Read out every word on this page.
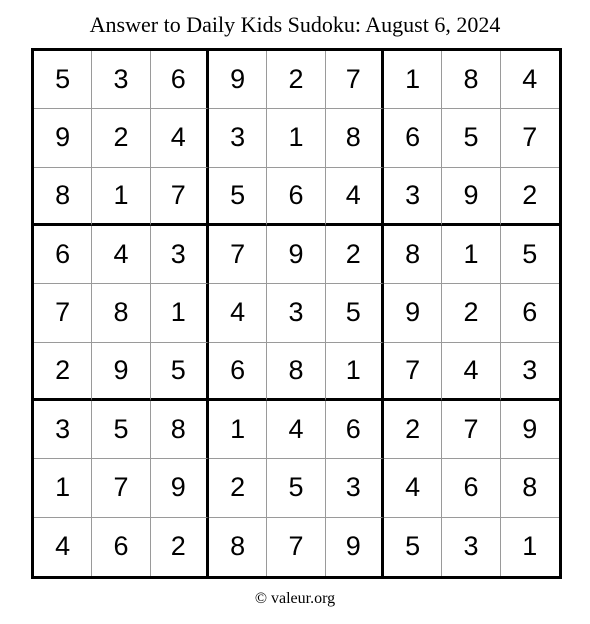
Answer to Daily Kids Sudoku: August 6, 2024
5	3	6	9	2	7	1	8	4
9	2	4	3	1	8	6	5	7
8	1	7	5	6	4	3	9	2
6	4	3	7	9	2	8	1	5
7	8	1	4	3	5	9	2	6
2	9	5	6	8	1	7	4	3
3	5	8	1	4	6	2	7	9
1	7	9	2	5	3	4	6	8
4	6	2	8	7	9	5	3	1
© valeur.org
